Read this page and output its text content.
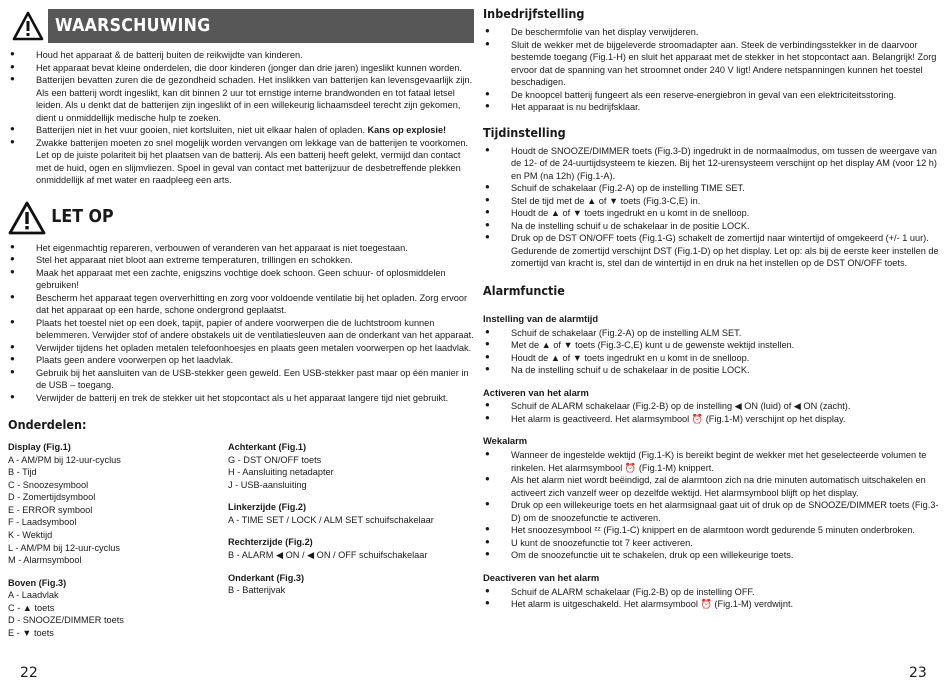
WAARSCHUWING
● Houd het apparaat & de batterij buiten de reikwijdte van kinderen.
● Het apparaat bevat kleine onderdelen, die door kinderen (jonger dan drie jaren) ingeslikt kunnen worden.
● Batterijen bevatten zuren die de gezondheid schaden. Het inslikken van batterijen kan levensgevaarlijk zijn. Als een batterij wordt ingeslikt, kan dit binnen 2 uur tot ernstige interne brandwonden en tot fataal letsel leiden. Als u denkt dat de batterijen zijn ingeslikt of in een willekeurig lichaamsdeel terecht zijn gekomen, dient u onmiddellijk medische hulp te zoeken.
● Batterijen niet in het vuur gooien, niet kortsluiten, niet uit elkaar halen of opladen. Kans op explosie!
● Zwakke batterijen moeten zo snel mogelijk worden vervangen om lekkage van de batterijen te voorkomen. Let op de juiste polariteit bij het plaatsen van de batterij. Als een batterij heeft gelekt, vermijd dan contact met de huid, ogen en slijmvliezen. Spoel in geval van contact met batterijzuur de desbetreffende plekken onmiddellijk af met water en raadpleeg een arts.
LET OP
● Het eigenmachtig repareren, verbouwen of veranderen van het apparaat is niet toegestaan.
● Stel het apparaat niet bloot aan extreme temperaturen, trillingen en schokken.
● Maak het apparaat met een zachte, enigszins vochtige doek schoon. Geen schuur- of oplosmiddelen gebruiken!
● Bescherm het apparaat tegen oververhitting en zorg voor voldoende ventilatie bij het opladen. Zorg ervoor dat het apparaat op een harde, schone ondergrond geplaatst.
● Plaats het toestel niet op een doek, tapijt, papier of andere voorwerpen die de luchtstroom kunnen belemmeren. Verwijder stof of andere obstakels uit de ventilatiesleuven aan de onderkant van het apparaat.
● Verwijder tijdens het opladen metalen telefoonhoesjes en plaats geen metalen voorwerpen op het laadvlak.
● Plaats geen andere voorwerpen op het laadvlak.
● Gebruik bij het aansluiten van de USB-stekker geen geweld. Een USB-stekker past maar op één manier in de USB – toegang.
● Verwijder de batterij en trek de stekker uit het stopcontact als u het apparaat langere tijd niet gebruikt.
Onderdelen:
Display (Fig.1)
A - AM/PM bij 12-uur-cyclus
B - Tijd
C - Snoozesymbool
D - Zomertijdsymbool
E - ERROR symbool
F - Laadsymbool
K - Wektijd
L - AM/PM bij 12-uur-cyclus
M - Alarmsymbool
Boven (Fig.3)
A - Laadvlak
C - ▲ toets
D - SNOOZE/DIMMER toets
E - ▼ toets
Achterkant (Fig.1)
G - DST ON/OFF toets
H - Aansluiting netadapter
J - USB-aansluiting
Linkerzijde (Fig.2)
A - TIME SET / LOCK / ALM SET schuifschakelaar
Rechterzijde (Fig.2)
B - ALARM ◀ ON / ◀ ON / OFF schuifschakelaar
Onderkant (Fig.3)
B - Batterijvak
22
Inbedrijfstelling
● De beschermfolie van het display verwijderen.
● Sluit de wekker met de bijgeleverde stroomadapter aan. Steek de verbindingsstekker in de daarvoor bestemde toegang (Fig.1-H) en sluit het apparaat met de stekker in het stopcontact aan. Belangrijk! Zorg ervoor dat de spanning van het stroomnet onder 240 V ligt! Andere netspanningen kunnen het toestel beschadigen.
● De knoopcel batterij fungeert als een reserve-energiebron in geval van een elektriciteitsstoring.
● Het apparaat is nu bedrijfsklaar.
Tijdinstelling
● Houdt de SNOOZE/DIMMER toets (Fig.3-D) ingedrukt in de normaalmodus, om tussen de weergave van de 12- of de 24-uurtijdsysteem te kiezen. Bij het 12-urensysteem verschijnt op het display AM (voor 12 h) en PM (na 12h) (Fig.1-A).
● Schuif de schakelaar (Fig.2-A) op de instelling TIME SET.
● Stel de tijd met de ▲ of ▼ toets (Fig.3-C,E) in.
● Houdt de ▲ of ▼ toets ingedrukt en u komt in de snelloop.
● Na de instelling schuif u de schakelaar in de positie LOCK.
● Druk op de DST ON/OFF toets (Fig.1-G) schakelt de zomertijd naar wintertijd of omgekeerd (+/- 1 uur). Gedurende de zomertijd verschijnt DST (Fig.1-D) op het display. Let op: als bij de eerste keer instellen de zomertijd van kracht is, stel dan de wintertijd in en druk na het instellen op de DST ON/OFF toets.
Alarmfunctie
Instelling van de alarmtijd
● Schuif de schakelaar (Fig.2-A) op de instelling ALM SET.
● Met de ▲ of ▼ toets (Fig.3-C,E) kunt u de gewenste wektijd instellen.
● Houdt de ▲ of ▼ toets ingedrukt en u komt in de snelloop.
● Na de instelling schuif u de schakelaar in de positie LOCK.
Activeren van het alarm
● Schuif de ALARM schakelaar (Fig.2-B) op de instelling ◀ ON (luid) of ◀ ON (zacht).
● Het alarm is geactiveerd. Het alarmsymbool ⏰ (Fig.1-M) verschijnt op het display.
Wekalarm
● Wanneer de ingestelde wektijd (Fig.1-K) is bereikt begint de wekker met het geselecteerde volumen te rinkelen. Het alarmsymbool ⏰ (Fig.1-M) knippert.
● Als het alarm niet wordt beëindigd, zal de alarmtoon zich na drie minuten automatisch uitschakelen en activeert zich vanzelf weer op dezelfde wektijd. Het alarmsymbool blijft op het display.
● Druk op een willekeurige toets en het alarmsignaal gaat uit of druk op de SNOOZE/DIMMER toets (Fig.3-D) om de snoozefunctie te activeren.
● Het snoozesymbool ᶻᶻ (Fig.1-C) knippert en de alarmtoon wordt gedurende 5 minuten onderbroken.
● U kunt de snoozefunctie tot 7 keer activeren.
● Om de snoozefunctie uit te schakelen, druk op een willekeurige toets.
Deactiveren van het alarm
● Schuif de ALARM schakelaar (Fig.2-B) op de instelling OFF.
● Het alarm is uitgeschakeld. Het alarmsymbool ⏰ (Fig.1-M) verdwijnt.
23
